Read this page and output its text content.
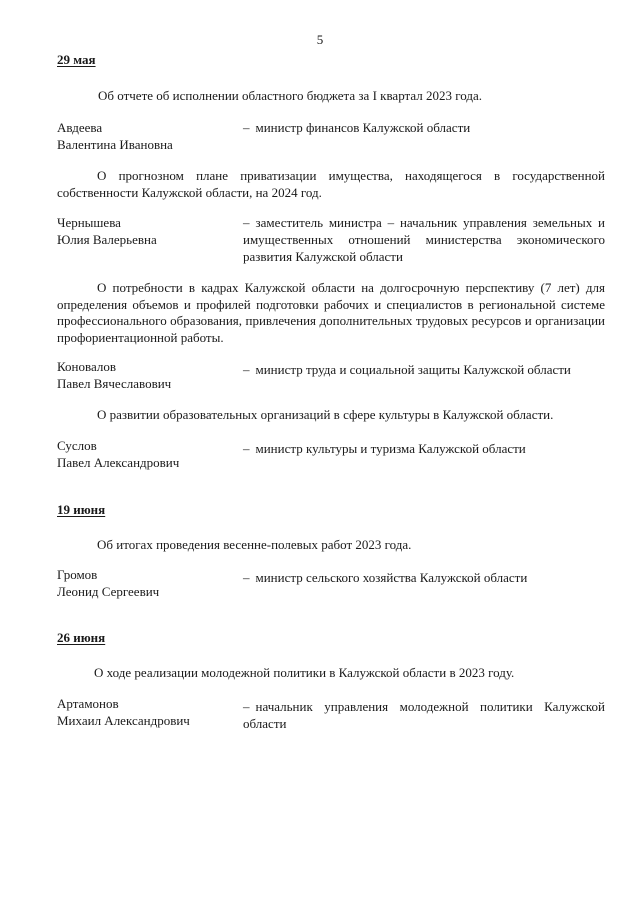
5
29 мая
Об отчете об исполнении областного бюджета за I квартал 2023 года.
Авдеева
Валентина Ивановна
– министр финансов Калужской области
О прогнозном плане приватизации имущества, находящегося в государственной собственности Калужской области, на 2024 год.
Чернышева
Юлия Валерьевна
– заместитель министра – начальник управления земельных и имущественных отношений министерства экономического развития Калужской области
О потребности в кадрах Калужской области на долгосрочную перспективу (7 лет) для определения объемов и профилей подготовки рабочих и специалистов в региональной системе профессионального образования, привлечения дополнительных трудовых ресурсов и организации профориентационной работы.
Коновалов
Павел Вячеславович
– министр труда и социальной защиты Калужской области
О развитии образовательных организаций в сфере культуры в Калужской области.
Суслов
Павел Александрович
– министр культуры и туризма Калужской области
19 июня
Об итогах проведения весенне-полевых работ 2023 года.
Громов
Леонид Сергеевич
– министр сельского хозяйства Калужской области
26 июня
О ходе реализации молодежной политики в Калужской области в 2023 году.
Артамонов
Михаил Александрович
– начальник управления молодежной политики Калужской области
